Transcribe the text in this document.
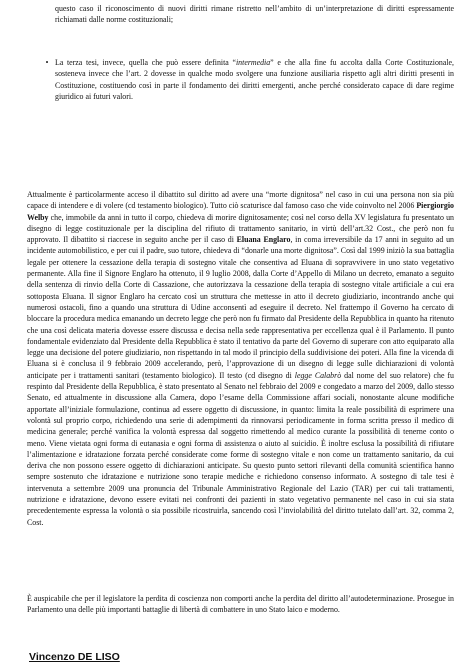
questo caso il riconoscimento di nuovi diritti rimane ristretto nell’ambito di un’interpretazione di diritti espressamente richiamati dalle norme costituzionali;

• La terza tesi, invece, quella che può essere definita “intermedia” e che alla fine fu accolta dalla Corte Costituzionale, sosteneva invece che l’art. 2 dovesse in qualche modo svolgere una funzione ausiliaria rispetto agli altri diritti presenti in Costituzione, costituendo così in parte il fondamento dei diritti emergenti, anche perché considerato capace di dare regime giuridico ai futuri valori.

Attualmente è particolarmente acceso il dibattito sul diritto ad avere una “morte dignitosa” nel caso in cui una persona non sia più capace di intendere e di volere (cd testamento biologico). Tutto ciò scaturisce dal famoso caso che vide coinvolto nel 2006 Piergiorgio Welby che, immobile da anni in tutto il corpo, chiedeva di morire dignitosamente; così nel corso della XV legislatura fu presentato un disegno di legge costituzionale per la disciplina del rifiuto di trattamento sanitario, in virtù dell’art.32 Cost., che però non fu approvato. Il dibattito si riaccese in seguito anche per il caso di Eluana Englaro, in coma irreversibile da 17 anni in seguito ad un incidente automobilistico, e per cui il padre, suo tutore, chiedeva di “donarle una morte dignitosa”. Così dal 1999 iniziò la sua battaglia legale per ottenere la cessazione della terapia di sostegno vitale che consentiva ad Eluana di sopravvivere in uno stato vegetativo permanente. Alla fine il Signore Englaro ha ottenuto, il 9 luglio 2008, dalla Corte d’Appello di Milano un decreto, emanato a seguito della sentenza di rinvio della Corte di Cassazione, che autorizzava la cessazione della terapia di sostegno vitale artificiale a cui era sottoposta Eluana. Il signor Englaro ha cercato così un struttura che mettesse in atto il decreto giudiziario, incontrando anche qui numerosi ostacoli, fino a quando una struttura di Udine acconsentì ad eseguire il decreto. Nel frattempo il Governo ha cercato di bloccare la procedura medica emanando un decreto legge che però non fu firmato dal Presidente della Repubblica in quanto ha ritenuto che una così delicata materia dovesse essere discussa e decisa nella sede rappresentativa per eccellenza qual è il Parlamento. Il punto fondamentale evidenziato dal Presidente della Repubblica è stato il tentativo da parte del Governo di superare con atto equiparato alla legge una decisione del potere giudiziario, non rispettando in tal modo il principio della suddivisione dei poteri. Alla fine la vicenda di Eluana si è conclusa il 9 febbraio 2009 accelerando, però, l’approvazione di un disegno di legge sulle dichiarazioni di volontà anticipate per i trattamenti sanitari (testamento biologico). Il testo (cd disegno di legge Calabrò dal nome del suo relatore) che fu respinto dal Presidente della Repubblica, è stato presentato al Senato nel febbraio del 2009 e congedato a marzo del 2009, dallo stesso Senato, ed attualmente in discussione alla Camera, dopo l’esame della Commissione affari sociali, nonostante alcune modifiche apportate all’iniziale formulazione, continua ad essere oggetto di discussione, in quanto: limita la reale possibilità di esprimere una volontà sul proprio corpo, richiedendo una serie di adempimenti da rinnovarsi periodicamente in forma scritta presso il medico di medicina generale; perché vanifica la volontà espressa dal soggetto rimettendo al medico curante la possibilità di tenerne conto o meno. Viene vietata ogni forma di eutanasia e ogni forma di assistenza o aiuto al suicidio. È inoltre esclusa la possibilità di rifiutare l’alimentazione e idratazione forzata perché considerate come forme di sostegno vitale e non come un trattamento sanitario, da cui deriva che non possono essere oggetto di dichiarazioni anticipate. Su questo punto settori rilevanti della comunità scientifica hanno sempre sostenuto che idratazione e nutrizione sono terapie mediche e richiedono consenso informato. A sostegno di tale tesi è intervenuta a settembre 2009 una pronuncia del Tribunale Amministrativo Regionale del Lazio (TAR) per cui tali trattamenti, nutrizione e idratazione, devono essere evitati nei confronti dei pazienti in stato vegetativo permanente nel caso in cui sia stata precedentemente espressa la volontà o sia possibile ricostruirla, sancendo così l’inviolabilità del diritto tutelato dall’art. 32, comma 2, Cost.

È auspicabile che per il legislatore la perdita di coscienza non comporti anche la perdita del diritto all’autodeterminazione. Prosegue in Parlamento una delle più importanti battaglie di libertà di combattere in uno Stato laico e moderno.

Vincenzo DE LISO
